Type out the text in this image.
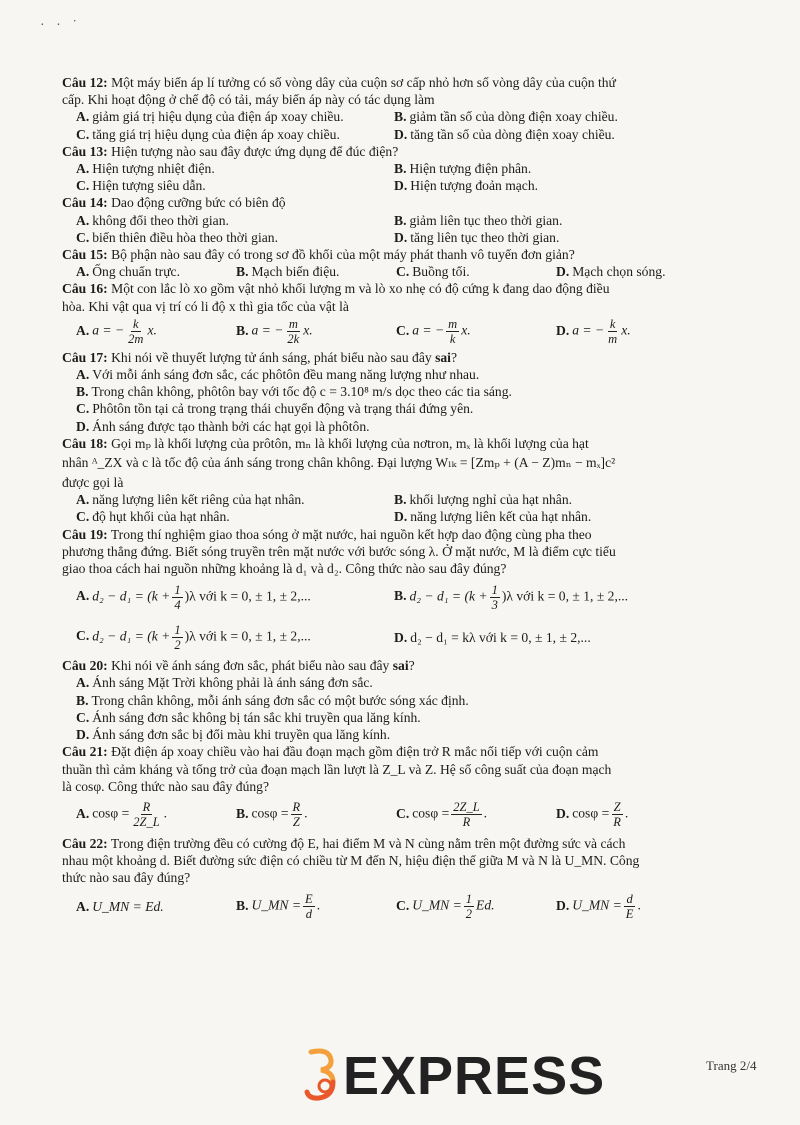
· · ˙
Câu 12: Một máy biến áp lí tưởng có số vòng dây của cuộn sơ cấp nhỏ hơn số vòng dây của cuộn thứ
cấp. Khi hoạt động ở chế độ có tải, máy biến áp này có tác dụng làm
A. giảm giá trị hiệu dụng của điện áp xoay chiều.	B. giảm tần số của dòng điện xoay chiều.
C. tăng giá trị hiệu dụng của điện áp xoay chiều.	D. tăng tần số của dòng điện xoay chiều.
Câu 13: Hiện tượng nào sau đây được ứng dụng để đúc điện?
A. Hiện tượng nhiệt điện.	B. Hiện tượng điện phân.
C. Hiện tượng siêu dẫn.	D. Hiện tượng đoản mạch.
Câu 14: Dao động cưỡng bức có biên độ
A. không đổi theo thời gian.	B. giảm liên tục theo thời gian.
C. biến thiên điều hòa theo thời gian.	D. tăng liên tục theo thời gian.
Câu 15: Bộ phận nào sau đây có trong sơ đồ khối của một máy phát thanh vô tuyến đơn giản?
A. Ống chuẩn trực.	B. Mạch biến điệu.	C. Buồng tối.	D. Mạch chọn sóng.
Câu 16: Một con lắc lò xo gồm vật nhỏ khối lượng m và lò xo nhẹ có độ cứng k đang dao động điều
hòa. Khi vật qua vị trí có li độ x thì gia tốc của vật là
A. a = − $\frac{k}{2m} x$.	B. a = − $\frac{m}{2k} x$.	C. a = − $\frac{m}{k} x$.	D. a = − $\frac{k}{m} x$.
Câu 17: Khi nói về thuyết lượng tử ánh sáng, phát biểu nào sau đây sai?
A. Với mỗi ánh sáng đơn sắc, các phôtôn đều mang năng lượng như nhau.
B. Trong chân không, phôtôn bay với tốc độ c = 3.10⁸ m/s dọc theo các tia sáng.
C. Phôtôn tồn tại cả trong trạng thái chuyển động và trạng thái đứng yên.
D. Ánh sáng được tạo thành bởi các hạt gọi là phôtôn.
Câu 18: Gọi mₚ là khối lượng của prôtôn, mₙ là khối lượng của nơtron, mₓ là khối lượng của hạt
nhân ᴬ_ZX và c là tốc độ của ánh sáng trong chân không. Đại lượng Wₗₖ = [Zmₚ + (A − Z)mₙ − mₓ]c²
được gọi là
A. năng lượng liên kết riêng của hạt nhân.	B. khối lượng nghỉ của hạt nhân.
C. độ hụt khối của hạt nhân.	D. năng lượng liên kết của hạt nhân.
Câu 19: Trong thí nghiệm giao thoa sóng ở mặt nước, hai nguồn kết hợp dao động cùng pha theo
phương thẳng đứng. Biết sóng truyền trên mặt nước với bước sóng λ. Ở mặt nước, M là điểm cực tiểu
giao thoa cách hai nguồn những khoảng là d₁ và d₂. Công thức nào sau đây đúng?
A. $d_2 - d_1 = (k + \frac{1}{4} )\lambda$ với k = 0, ± 1, ± 2,...	B. $d_2 - d_1 = (k + \frac{1}{3} )\lambda$ với k = 0, ± 1, ± 2,...
C. $d_2 - d_1 = (k + \frac{1}{2} )\lambda$ với k = 0, ± 1, ± 2,...	D. d₂ − d₁ = kλ với k = 0, ± 1, ± 2,...
Câu 20: Khi nói về ánh sáng đơn sắc, phát biểu nào sau đây sai?
A. Ánh sáng Mặt Trời không phải là ánh sáng đơn sắc.
B. Trong chân không, mỗi ánh sáng đơn sắc có một bước sóng xác định.
C. Ánh sáng đơn sắc không bị tán sắc khi truyền qua lăng kính.
D. Ánh sáng đơn sắc bị đổi màu khi truyền qua lăng kính.
Câu 21: Đặt điện áp xoay chiều vào hai đầu đoạn mạch gồm điện trở R mắc nối tiếp với cuộn cảm
thuần thì cảm kháng và tổng trở của đoạn mạch lần lượt là Z_L và Z. Hệ số công suất của đoạn mạch
là cosφ. Công thức nào sau đây đúng?
A. $\cos\varphi = \frac{R}{2Z\_L}$ .	B. $\cos\varphi = \frac{R}{Z}$ .	C. $\cos\varphi = \frac{2Z\_L}{R}$ .	D. $\cos\varphi = \frac{Z}{R}$ .
Câu 22: Trong điện trường đều có cường độ E, hai điểm M và N cùng nằm trên một đường sức và cách
nhau một khoảng d. Biết đường sức điện có chiều từ M đến N, hiệu điện thế giữa M và N là U_MN. Công
thức nào sau đây đúng?
A. U_MN = Ed.	B. U_MN = $\frac{E}{d}$ .	C. U_MN = $\frac{1}{2} Ed$.	D. U_MN = $\frac{d}{E}$ .
EXPRESS	Trang 2/4
